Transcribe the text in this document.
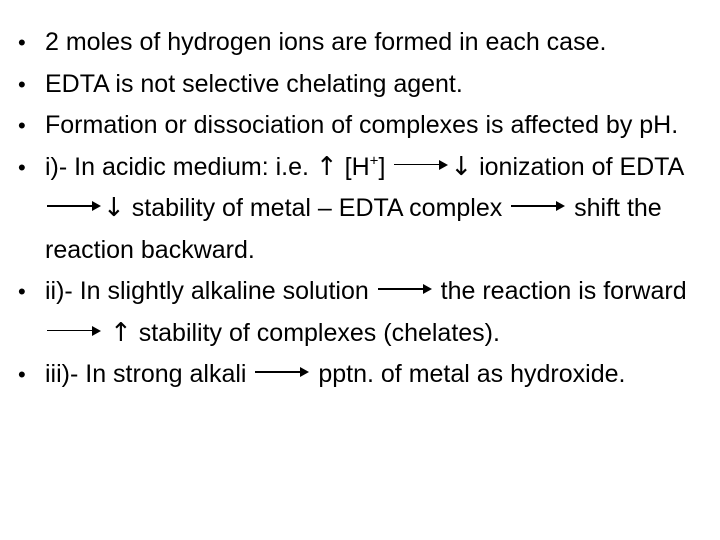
• 2 moles of hydrogen ions are formed in each case.
• EDTA is not selective chelating agent.
• Formation or dissociation of complexes is affected by pH.
• i)- In acidic medium: i.e. ↑ [H+]
↓ ionization of EDTA
↓ stability of metal – EDTA complex
shift the reaction backward.
• ii)- In slightly alkaline solution
the reaction is forward
↑ stability of complexes (chelates).
• iii)- In strong alkali
pptn. of metal as hydroxide.
